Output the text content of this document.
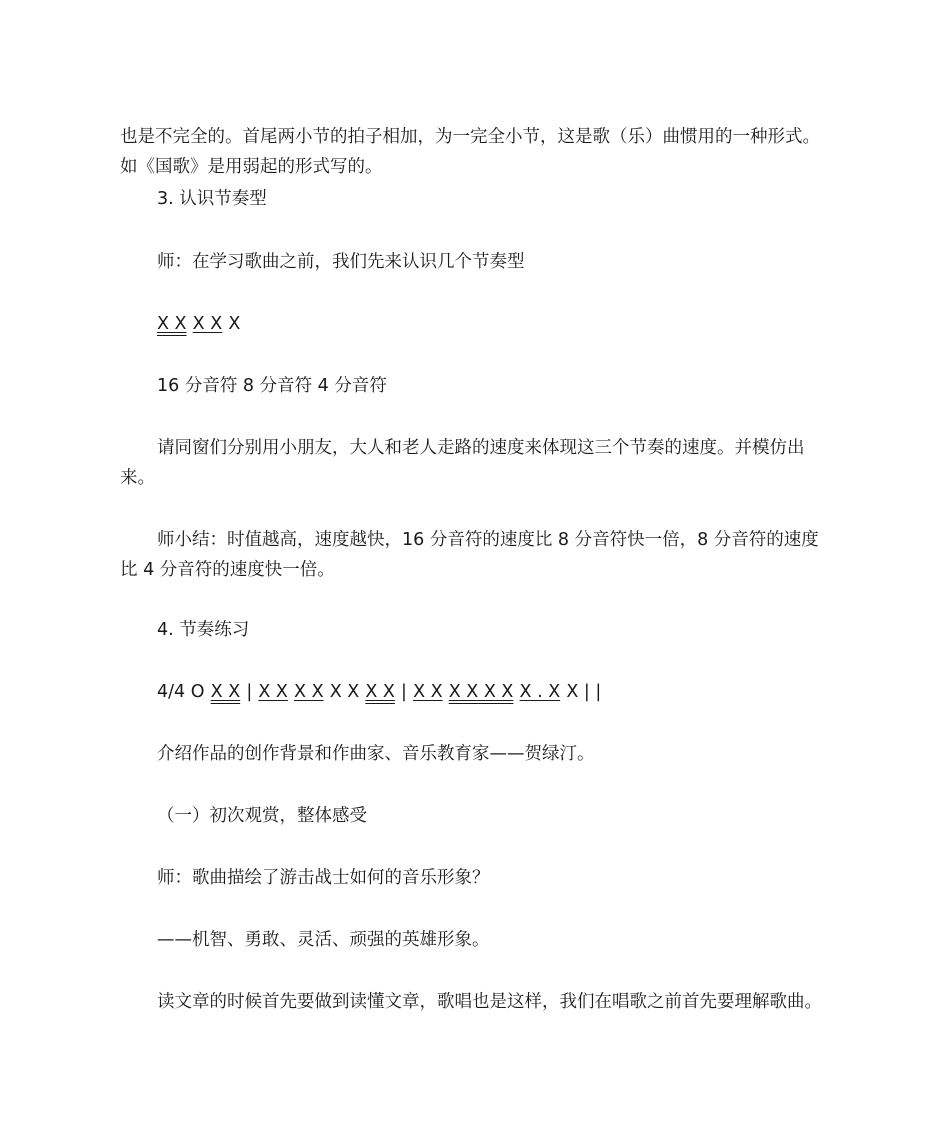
也是不完全的。首尾两小节的拍子相加，为一完全小节，这是歌（乐）曲惯用的一种形式。
如《国歌》是用弱起的形式写的。
3. 认识节奏型
师：在学习歌曲之前，我们先来认识几个节奏型
X X X X X
16 分音符 8 分音符 4 分音符
请同窗们分别用小朋友，大人和老人走路的速度来体现这三个节奏的速度。并模仿出
来。
师小结：时值越高，速度越快，16 分音符的速度比 8 分音符快一倍，8 分音符的速度
比 4 分音符的速度快一倍。
4. 节奏练习
4/4 O X X | X X X X X X X X | X X X X X X X . X X | |
介绍作品的创作背景和作曲家、音乐教育家——贺绿汀。
（一）初次观赏，整体感受
师：歌曲描绘了游击战士如何的音乐形象？
——机智、勇敢、灵活、顽强的英雄形象。
读文章的时候首先要做到读懂文章，歌唱也是这样，我们在唱歌之前首先要理解歌曲。
